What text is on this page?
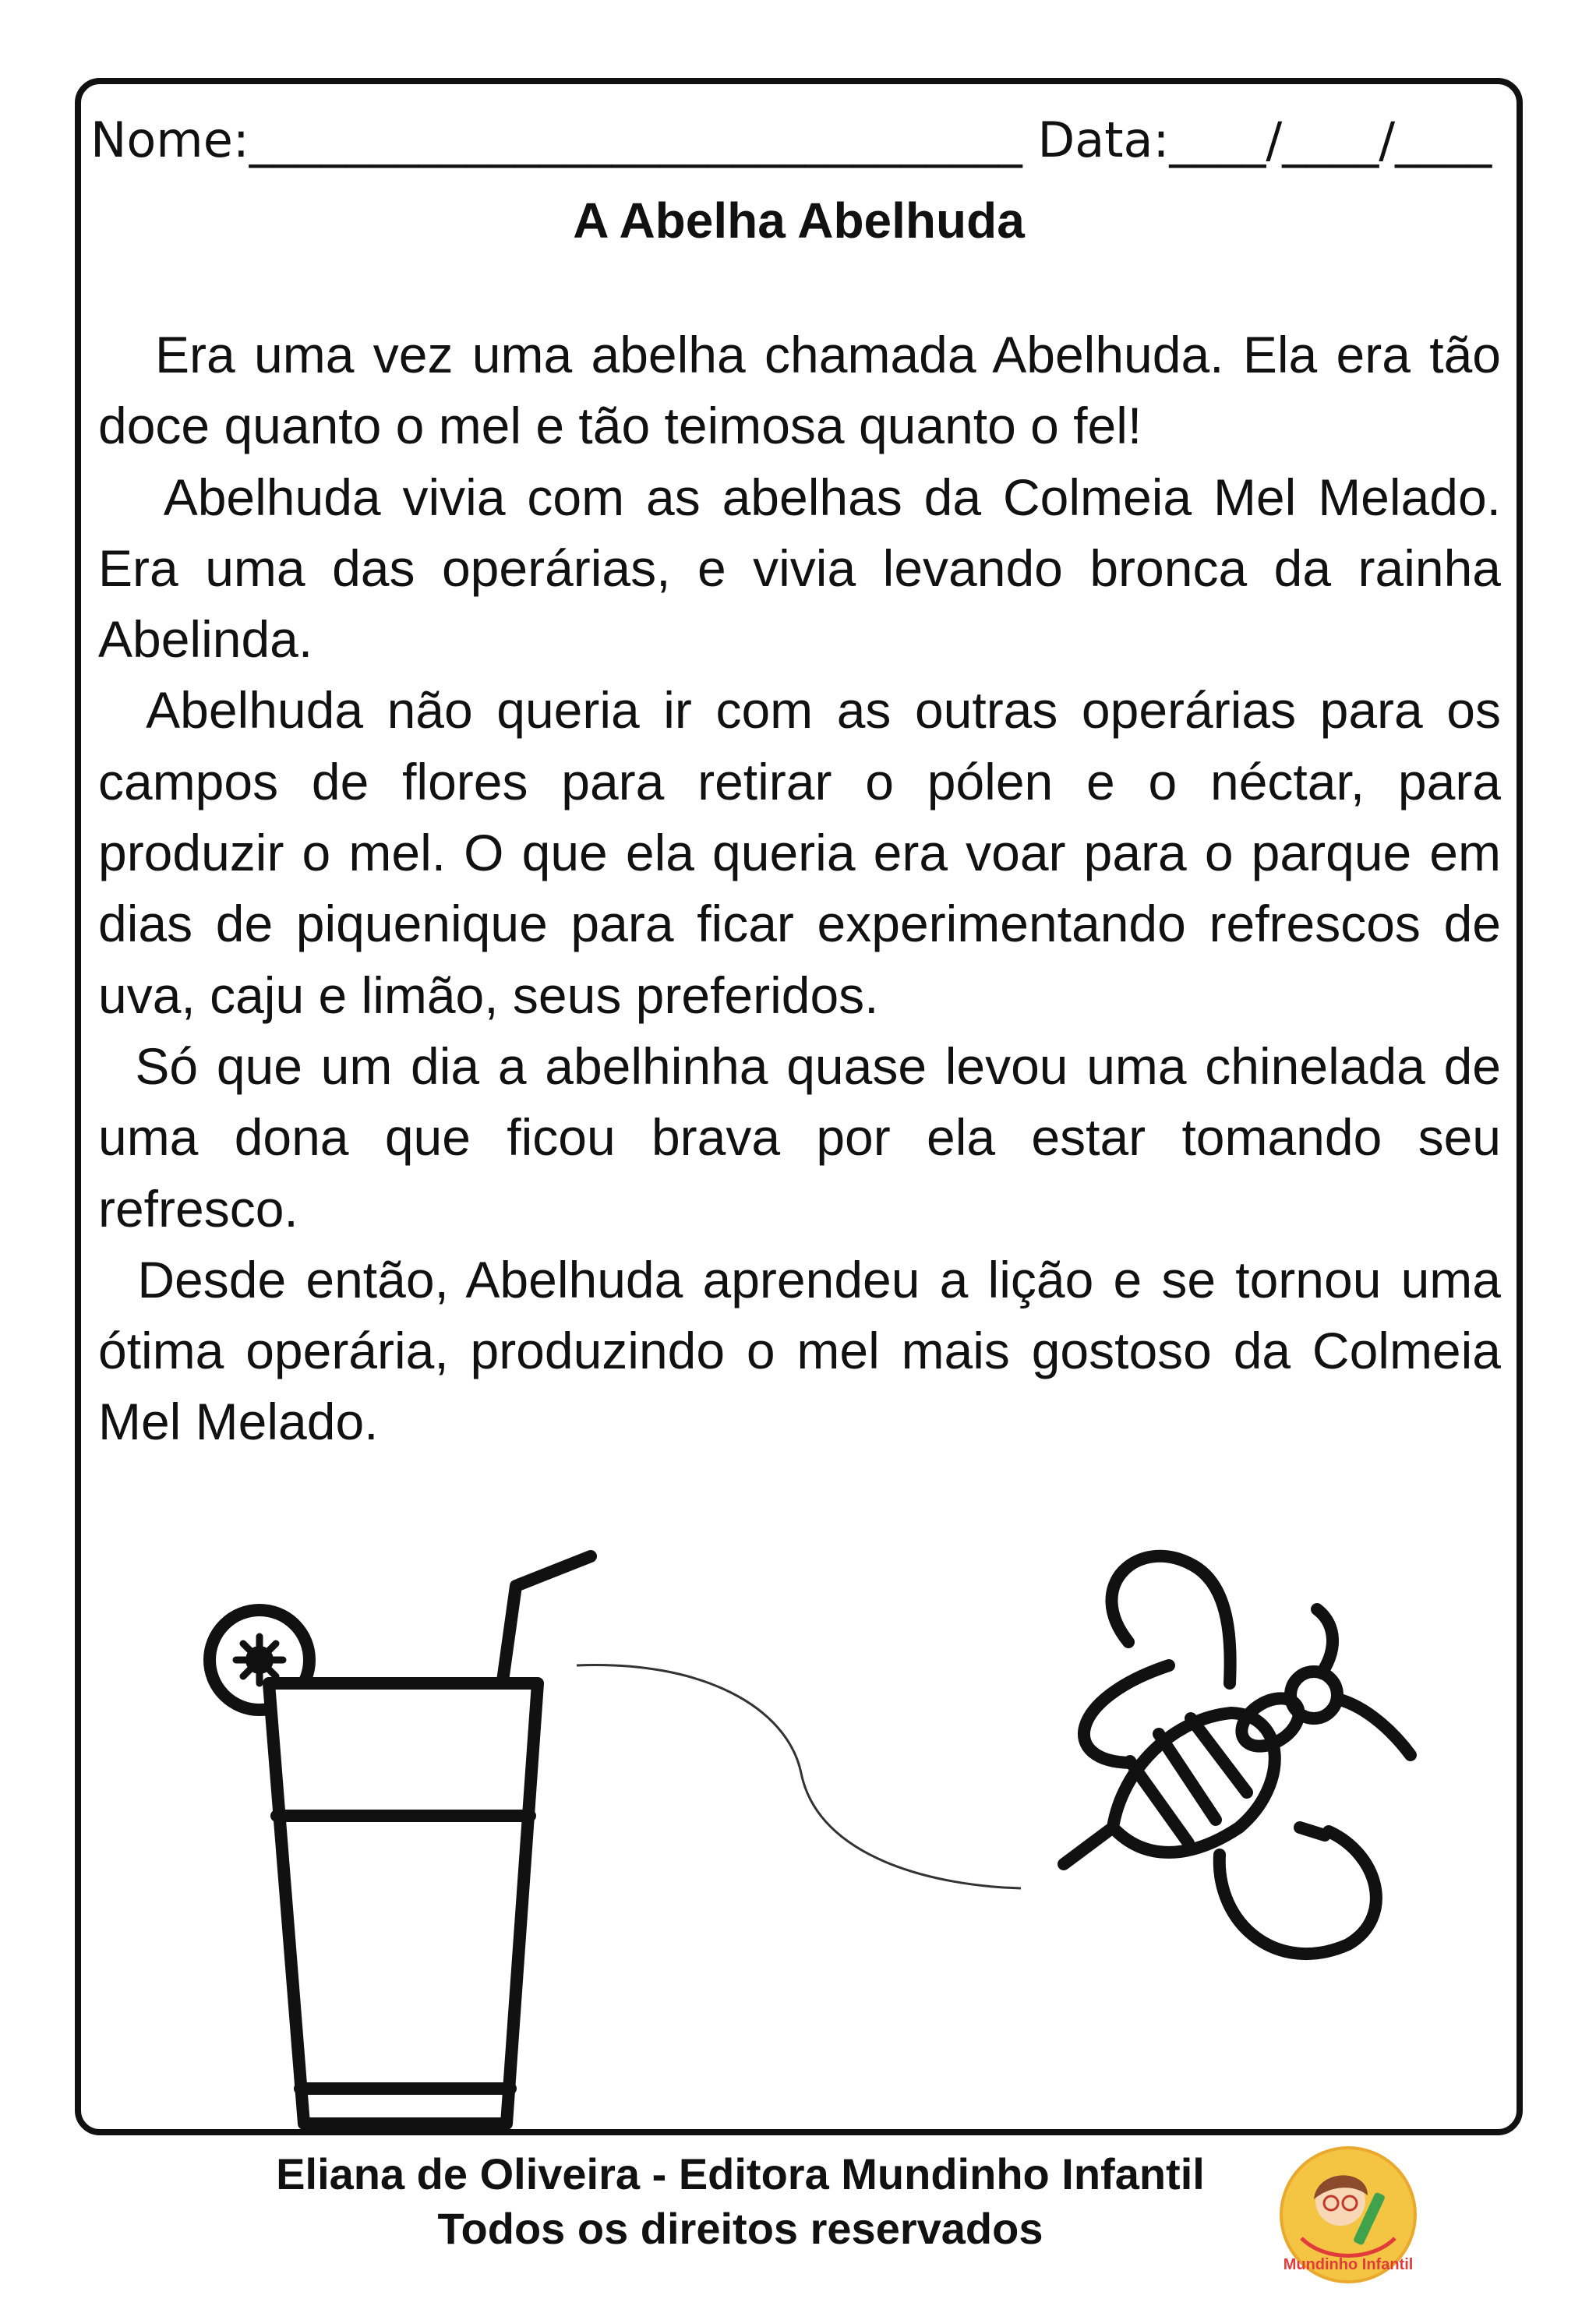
Nome:________________________________ Data:____/____/____
A Abelha Abelhuda

Era uma vez uma abelha chamada Abelhuda. Ela era tão doce quanto o mel e tão teimosa quanto o fel!

Abelhuda vivia com as abelhas da Colmeia Mel Melado. Era uma das operárias, e vivia levando bronca da rainha Abelinda.

Abelhuda não queria ir com as outras operárias para os campos de flores para retirar o pólen e o néctar, para produzir o mel. O que ela queria era voar para o parque em dias de piquenique para ficar experimentando refrescos de uva, caju e limão, seus preferidos.

Só que um dia a abelhinha quase levou uma chinelada de uma dona que ficou brava por ela estar tomando seu refresco.

Desde então, Abelhuda aprendeu a lição e se tornou uma ótima operária, produzindo o mel mais gostoso da Colmeia Mel Melado.

Eliana de Oliveira - Editora Mundinho Infantil
Todos os direitos reservados
Mundinho Infantil
